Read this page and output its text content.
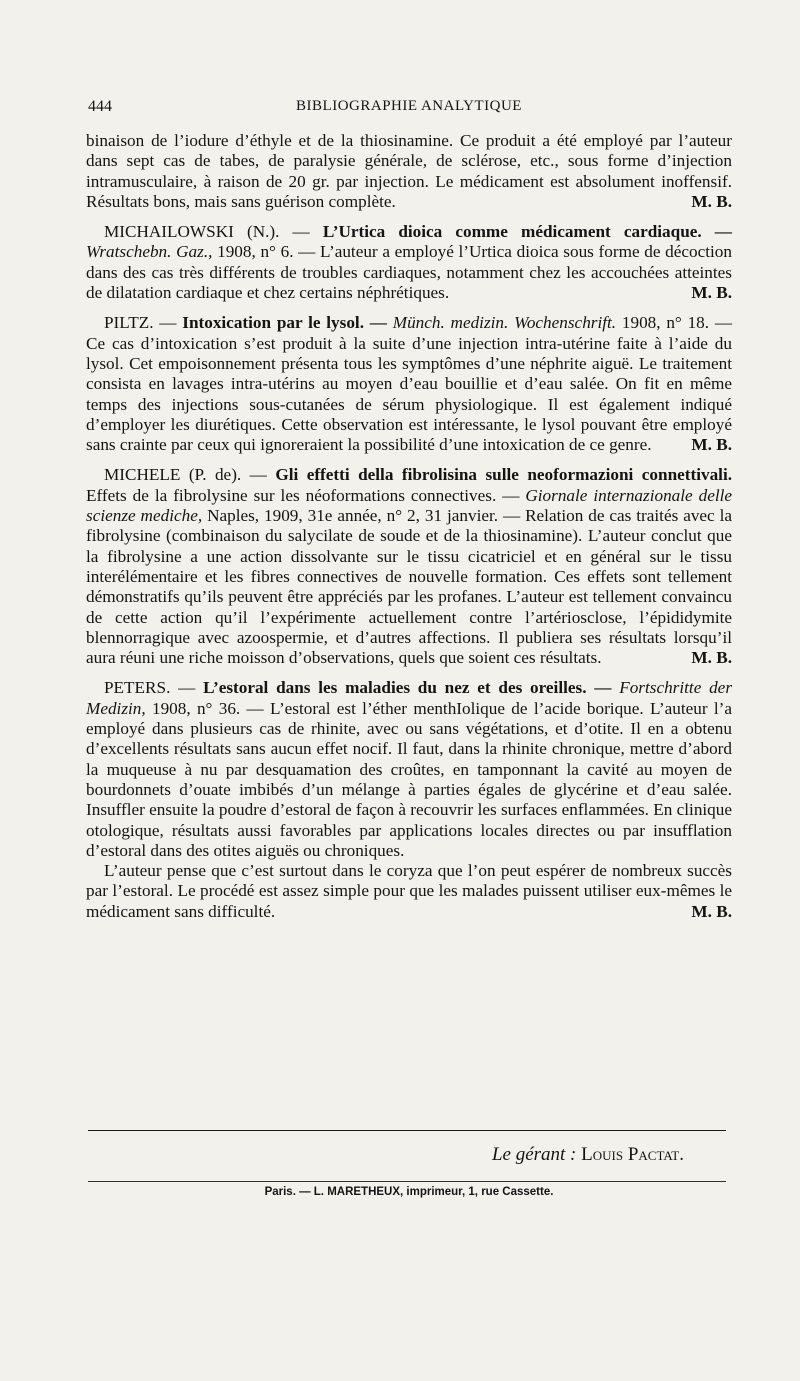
444	BIBLIOGRAPHIE ANALYTIQUE

binaison de l’iodure d’éthyle et de la thiosinamine. Ce produit a été employé par l’auteur dans sept cas de tabes, de paralysie générale, de sclérose, etc., sous forme d’injection intramusculaire, à raison de 20 gr. par injection. Le médicament est absolument inoffensif. Résultats bons, mais sans guérison complète.	M. B.

MICHAILOWSKI (N.). — L’Urtica dioica comme médicament cardiaque. — Wratschebn. Gaz., 1908, n° 6. — L’auteur a employé l’Urtica dioica sous forme de décoction dans des cas très différents de troubles cardiaques, notamment chez les accouchées atteintes de dilatation cardiaque et chez certains néphrétiques.	M. B.

PILTZ. — Intoxication par le lysol. — Münch. medizin. Wochenschrift. 1908, n° 18. — Ce cas d’intoxication s’est produit à la suite d’une injection intra-utérine faite à l’aide du lysol. Cet empoisonnement présenta tous les symptômes d’une néphrite aiguë. Le traitement consista en lavages intra-utérins au moyen d’eau bouillie et d’eau salée. On fit en même temps des injections sous-cutanées de sérum physiologique. Il est également indiqué d’employer les diurétiques. Cette observation est intéressante, le lysol pouvant être employé sans crainte par ceux qui ignoreraient la possibilité d’une intoxication de ce genre.	M. B.

MICHELE (P. de). — Gli effetti della fibrolisina sulle neoformazioni connettivali. Effets de la fibrolysine sur les néoformations connectives. — Giornale internazionale delle scienze mediche, Naples, 1909, 31e année, n° 2, 31 janvier. — Relation de cas traités avec la fibrolysine (combinaison du salycilate de soude et de la thiosinamine). L’auteur conclut que la fibrolysine a une action dissolvante sur le tissu cicatriciel et en général sur le tissu interélémentaire et les fibres connectives de nouvelle formation. Ces effets sont tellement démonstratifs qu’ils peuvent être appréciés par les profanes. L’auteur est tellement convaincu de cette action qu’il l’expérimente actuellement contre l’artériosclose, l’épididymite blennorragique avec azoospermie, et d’autres affections. Il publiera ses résultats lorsqu’il aura réuni une riche moisson d’observations, quels que soient ces résultats.	M. B.

PETERS. — L’estoral dans les maladies du nez et des oreilles. — Fortschritte der Medizin, 1908, n° 36. — L’estoral est l’éther menthIolique de l’acide borique. L’auteur l’a employé dans plusieurs cas de rhinite, avec ou sans végétations, et d’otite. Il en a obtenu d’excellents résultats sans aucun effet nocif. Il faut, dans la rhinite chronique, mettre d’abord la muqueuse à nu par desquamation des croûtes, en tamponnant la cavité au moyen de bourdonnets d’ouate imbibés d’un mélange à parties égales de glycérine et d’eau salée. Insuffler ensuite la poudre d’estoral de façon à recouvrir les surfaces enflammées. En clinique otologique, résultats aussi favorables par applications locales directes ou par insufflation d’estoral dans des otites aiguës ou chroniques.

L’auteur pense que c’est surtout dans le coryza que l’on peut espérer de nombreux succès par l’estoral. Le procédé est assez simple pour que les malades puissent utiliser eux-mêmes le médicament sans difficulté.	M. B.

Le gérant : Louis Pactat.
Paris. — L. MARETHEUX, imprimeur, 1, rue Cassette.
